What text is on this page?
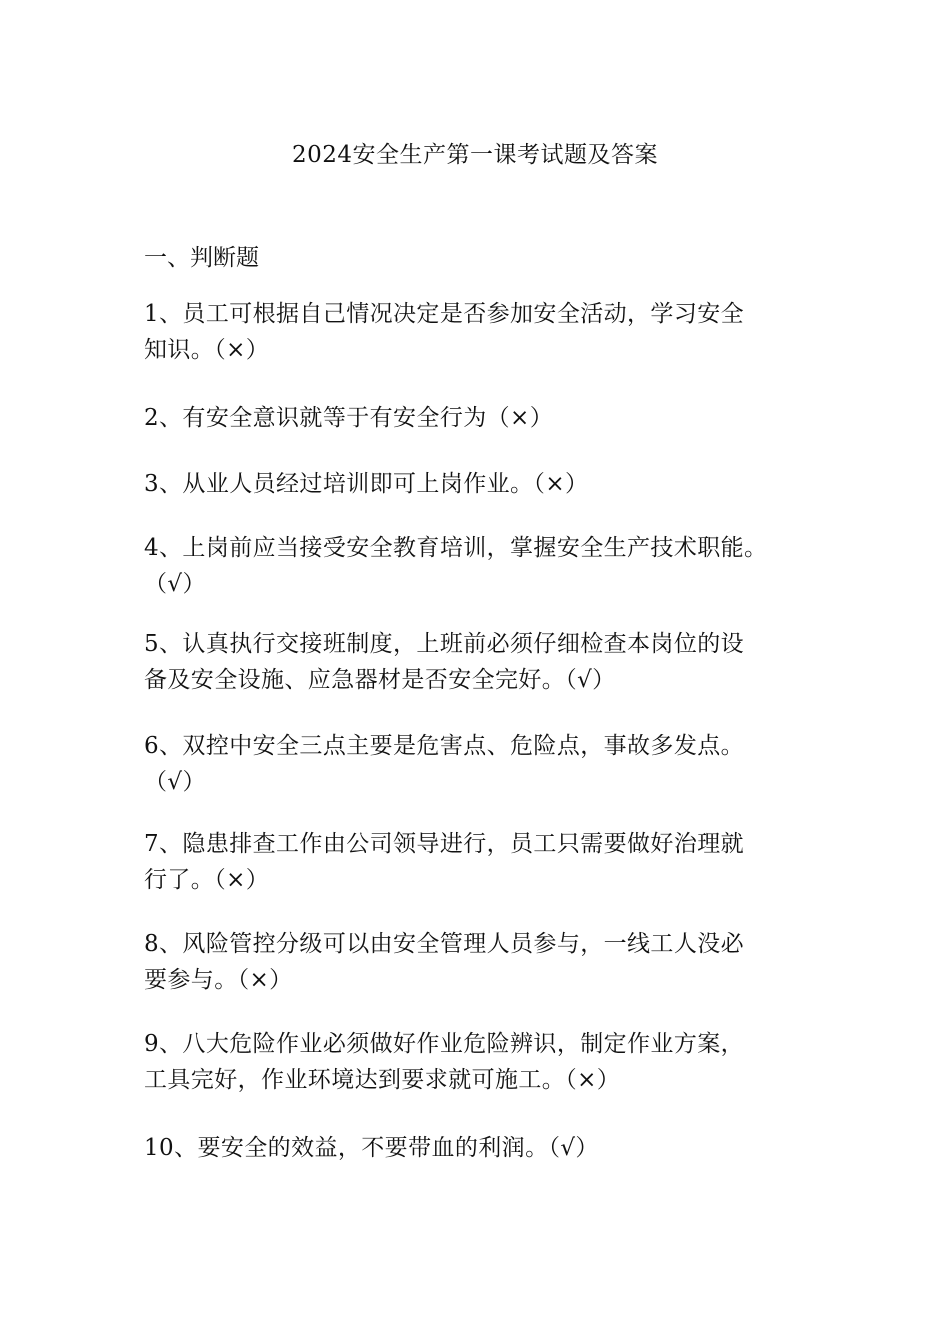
2024安全生产第一课考试题及答案
一、判断题
1、员工可根据自己情况决定是否参加安全活动，学习安全
知识。（×）
2、有安全意识就等于有安全行为（×）
3、从业人员经过培训即可上岗作业。（×）
4、上岗前应当接受安全教育培训，掌握安全生产技术职能。
（√）
5、认真执行交接班制度，上班前必须仔细检查本岗位的设
备及安全设施、应急器材是否安全完好。（√）
6、双控中安全三点主要是危害点、危险点，事故多发点。
（√）
7、隐患排查工作由公司领导进行，员工只需要做好治理就
行了。（×）
8、风险管控分级可以由安全管理人员参与，一线工人没必
要参与。（×）
9、八大危险作业必须做好作业危险辨识，制定作业方案，
工具完好，作业环境达到要求就可施工。（×）
10、要安全的效益，不要带血的利润。（√）
